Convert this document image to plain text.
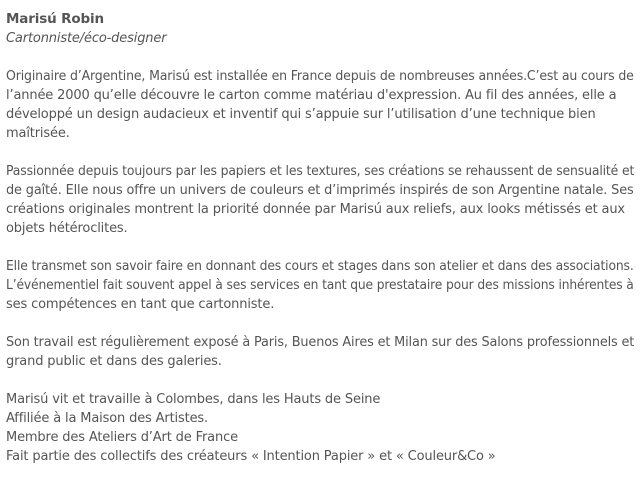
Marisú Robin
Cartonniste/éco-designer
Originaire d’Argentine, Marisú est installée en France depuis de nombreuses années.C’est au cours de
l’année 2000 qu’elle découvre le carton comme matériau d'expression. Au fil des années, elle a
développé un design audacieux et inventif qui s’appuie sur l’utilisation d’une technique bien
maîtrisée.
Passionnée depuis toujours par les papiers et les textures, ses créations se rehaussent de sensualité et
de gaîté. Elle nous offre un univers de couleurs et d’imprimés inspirés de son Argentine natale. Ses
créations originales montrent la priorité donnée par Marisú aux reliefs, aux looks métissés et aux
objets hétéroclites.
Elle transmet son savoir faire en donnant des cours et stages dans son atelier et dans des associations.
L’événementiel fait souvent appel à ses services en tant que prestataire pour des missions inhérentes à
ses compétences en tant que cartonniste.
Son travail est régulièrement exposé à Paris, Buenos Aires et Milan sur des Salons professionnels et
grand public et dans des galeries.
Marisú vit et travaille à Colombes, dans les Hauts de Seine
Affiliée à la Maison des Artistes.
Membre des Ateliers d’Art de France
Fait partie des collectifs des créateurs « Intention Papier » et « Couleur&Co »
